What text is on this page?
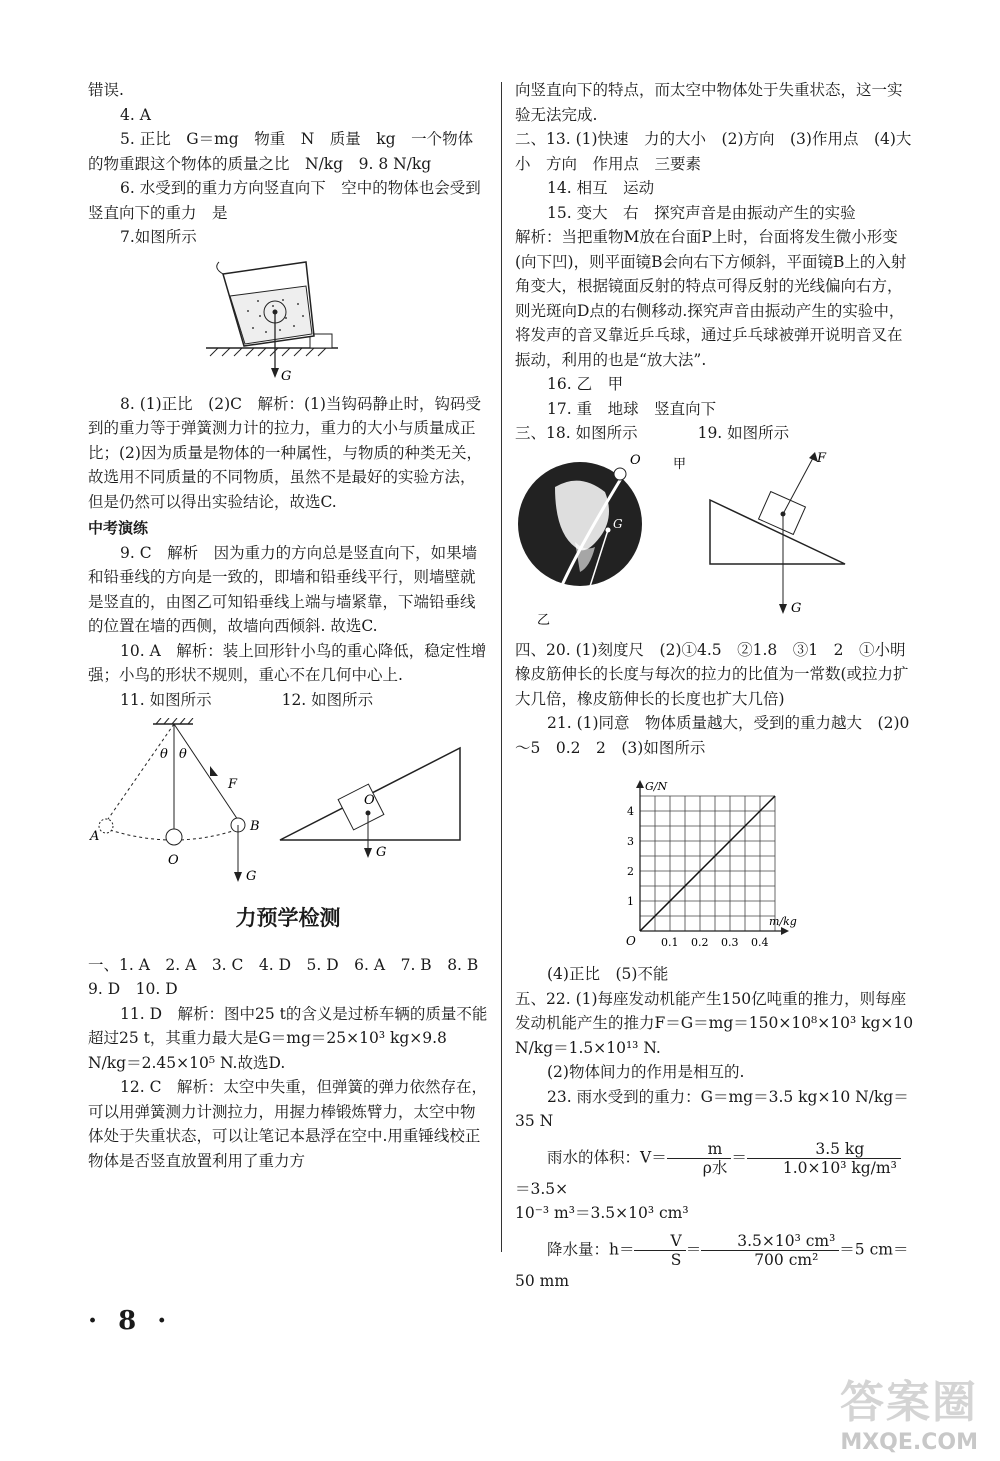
错误.

4. A

5. 正比　G＝mg　物重　N　质量　kg　一个物体的物重跟这个物体的质量之比　N/kg　9. 8 N/kg

6. 水受到的重力方向竖直向下　空中的物体也会受到竖直向下的重力　是

7.如图所示

G

8. (1)正比　(2)C　解析：(1)当钩码静止时，钩码受到的重力等于弹簧测力计的拉力，重力的大小与质量成正比；(2)因为质量是物体的一种属性，与物质的种类无关，故选用不同质量的不同物质，虽然不是最好的实验方法，但是仍然可以得出实验结论，故选C.

中考演练

9. C　解析　因为重力的方向总是竖直向下，如果墙和铅垂线的方向是一致的，即墙和铅垂线平行，则墙壁就是竖直的，由图乙可知铅垂线上端与墙紧靠，下端铅垂线的位置在墙的西侧，故墙向西倾斜. 故选C.

10. A　解析：装上回形针小鸟的重心降低，稳定性增强；小鸟的形状不规则，重心不在几何中心上.

11. 如图所示	12. 如图所示

θ θ
F
A
B
O
G
O
G

力预学检测

一、1. A　2. A　3. C　4. D　5. D　6. A　7. B　8. B　9. D　10. D

11. D　解析：图中25 t的含义是过桥车辆的质量不能超过25 t，其重力最大是G＝mg＝25×10³ kg×9.8 N/kg＝2.45×10⁵ N.故选D.

12. C　解析：太空中失重，但弹簧的弹力依然存在，可以用弹簧测力计测拉力，用握力棒锻炼臂力，太空中物体处于失重状态，可以让笔记本悬浮在空中.用重锤线校正物体是否竖直放置利用了重力方

向竖直向下的特点，而太空中物体处于失重状态，这一实验无法完成.

二、13. (1)快速　力的大小　(2)方向　(3)作用点　(4)大小　方向　作用点　三要素

14. 相互　运动

15. 变大　右　探究声音是由振动产生的实验

解析：当把重物M放在台面P上时，台面将发生微小形变(向下凹)，则平面镜B会向右下方倾斜，平面镜B上的入射角变大，根据镜面反射的特点可得反射的光线偏向右方，则光斑向D点的右侧移动.探究声音由振动产生的实验中，将发声的音叉靠近乒乓球，通过乒乓球被弹开说明音叉在振动，利用的也是“放大法”.

16. 乙　甲

17. 重　地球　竖直向下

三、18. 如图所示	19. 如图所示

O 甲
乙
G
F
G

四、20. (1)刻度尺　(2)①4.5　②1.8　③1　2　①小明　橡皮筋伸长的长度与每次的拉力的比值为一常数(或拉力扩大几倍，橡皮筋伸长的长度也扩大几倍)

21. (1)同意　物体质量越大，受到的重力越大　(2)0～5　0.2　2　(3)如图所示

0.1 0.2 0.3 0.4
1
2
3
4
O
G/N
m/kg

(4)正比　(5)不能

五、22. (1)每座发动机能产生150亿吨重的推力，则每座发动机能产生的推力F＝G＝mg＝150×10⁸×10³ kg×10 N/kg＝1.5×10¹³ N.

(2)物体间力的作用是相互的.

23. 雨水受到的重力：G＝mg＝3.5 kg×10 N/kg＝35 N

雨水的体积：$V= \frac{m}{\text{ρ水}} = \frac{3.5 kg}{\text{1.0×10³ kg/m³}}$
＝3.5×

10⁻³ m³＝3.5×10³ cm³

降水量：$h= \frac{V}{S} = \frac{\text{3.5×10³ cm³}}{\text{700 cm²}} =5$ cm＝50 mm

· 8 ·
答案圈
MXQE.COM
